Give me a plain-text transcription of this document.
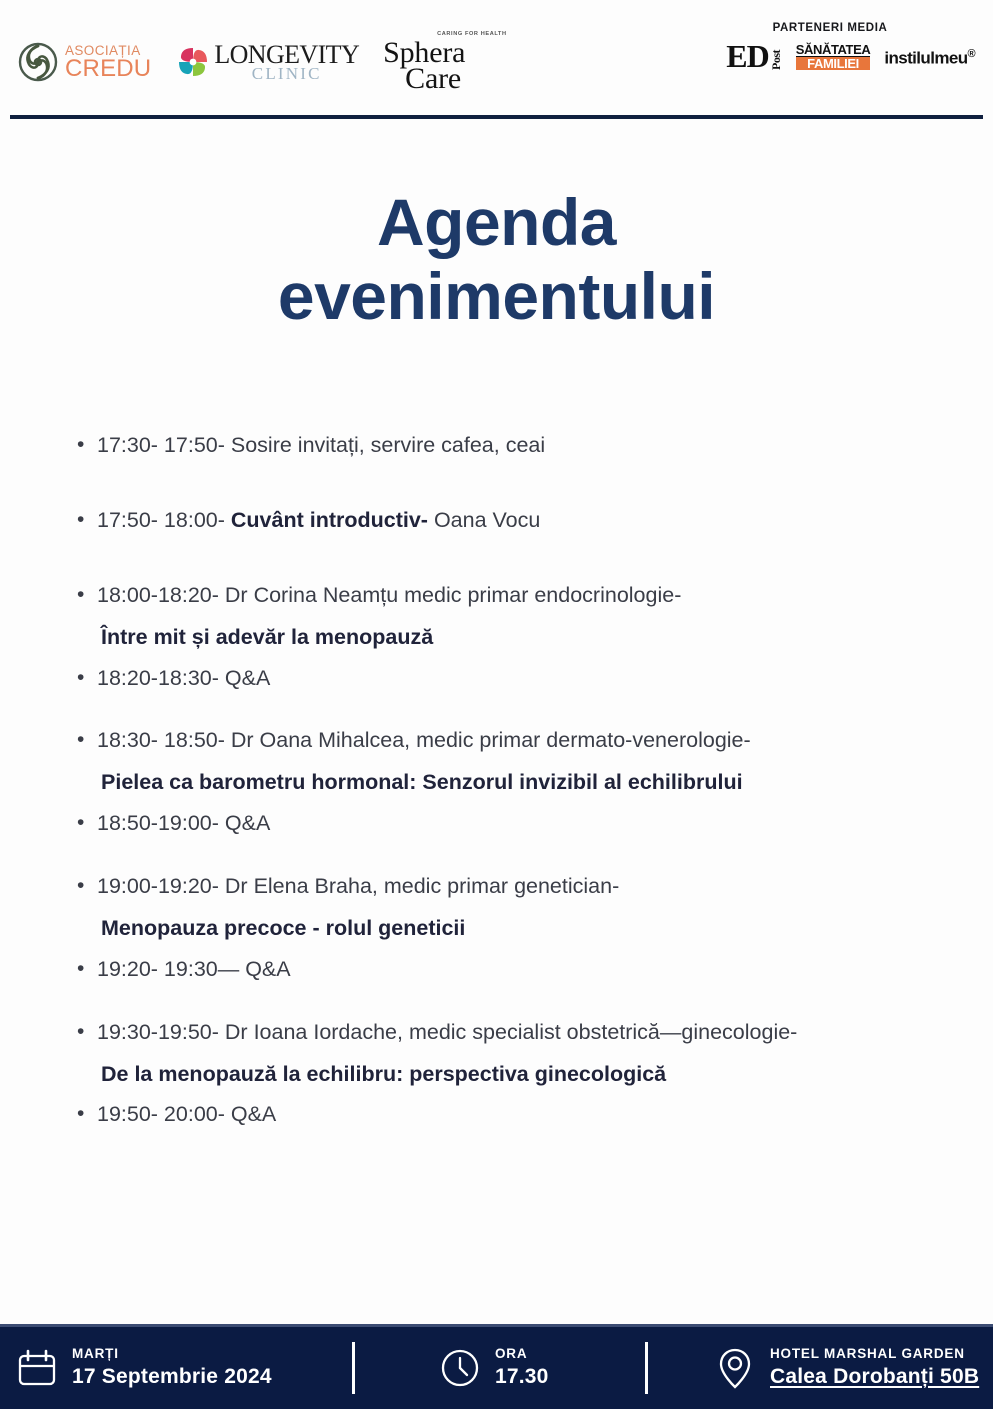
ASOCIAȚIA
CREDU LONGEVITY
CLINIC
CARING FOR HEALTH
Sphera
Care
PARTENERI MEDIA
ED Post
SĂNĂTATEA
FAMILIEI	instilulmeu®
Agenda
evenimentului
• 17:30- 17:50- Sosire invitați, servire cafea, ceai
• 17:50- 18:00- Cuvânt introductiv- Oana Vocu
• 18:00-18:20- Dr Corina Neamțu medic primar endocrinologie-
Între mit și adevăr la menopauză
• 18:20-18:30- Q&A
• 18:30- 18:50- Dr Oana Mihalcea, medic primar dermato-venerologie-
Pielea ca barometru hormonal: Senzorul invizibil al echilibrului
• 18:50-19:00- Q&A
• 19:00-19:20- Dr Elena Braha, medic primar genetician-
Menopauza precoce - rolul geneticii
• 19:20- 19:30— Q&A
• 19:30-19:50- Dr Ioana Iordache, medic specialist obstetrică—ginecologie-
De la menopauză la echilibru: perspectiva ginecologică
• 19:50- 20:00- Q&A
MARȚI
17 Septembrie 2024
ORA
17.30
HOTEL MARSHAL GARDEN
Calea Dorobanți 50B
